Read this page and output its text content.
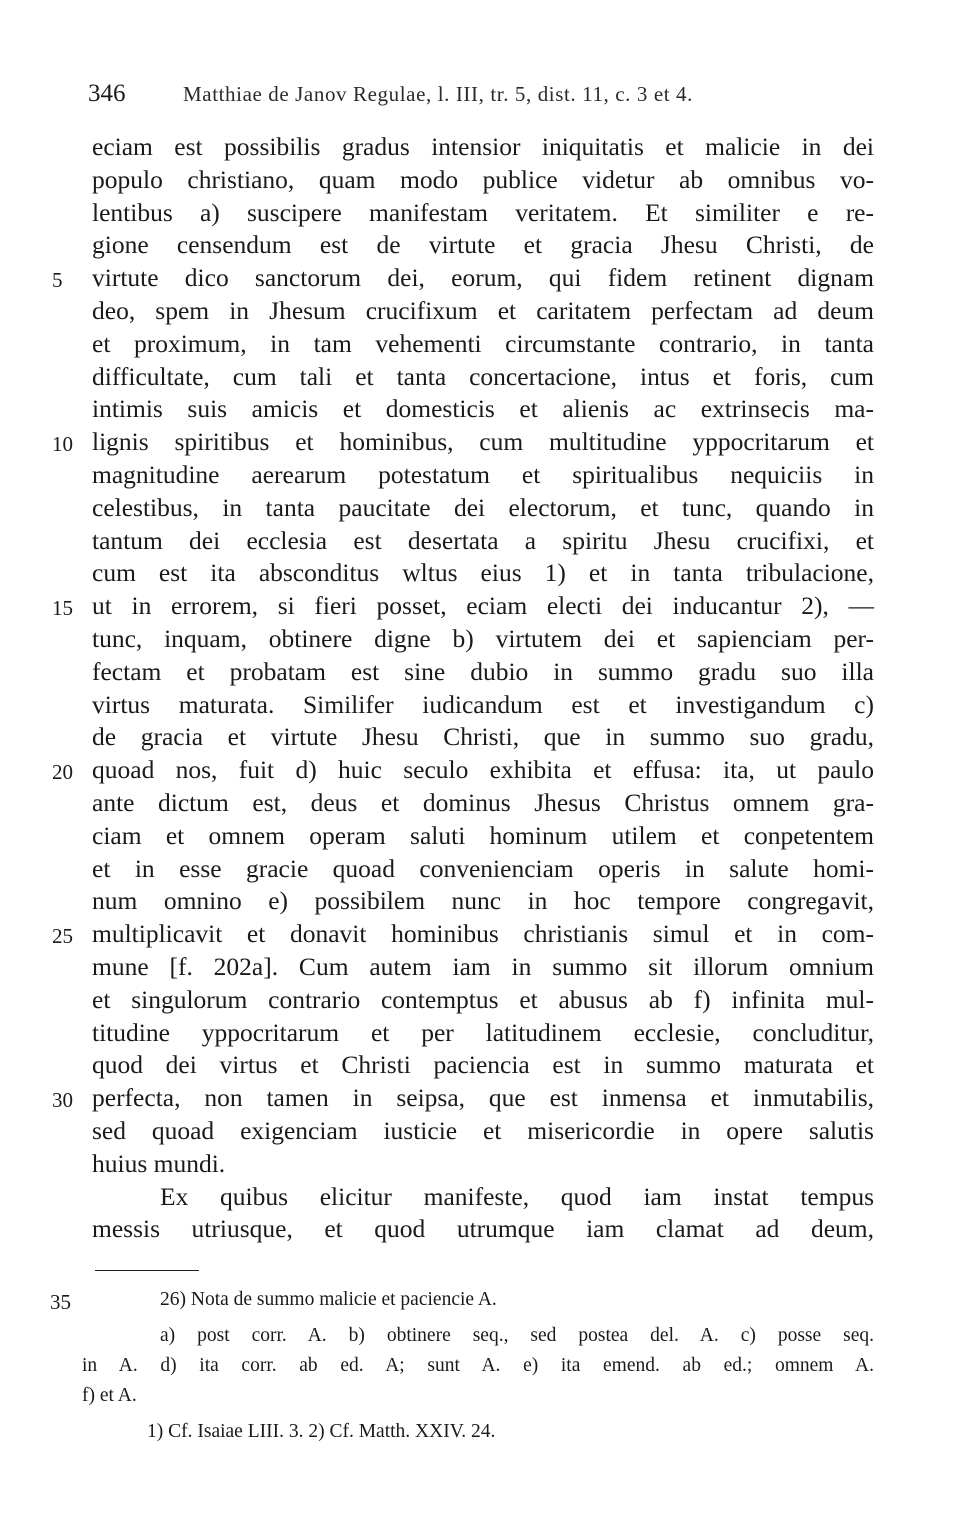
346	Matthiae de Janov Regulae, l. III, tr. 5, dist. 11, c. 3 et 4.
eciam est possibilis gradus intensior iniquitatis et malicie in dei
populo christiano, quam modo publice videtur ab omnibus vo-
lentibus a) suscipere manifestam veritatem. Et similiter e re-
gione censendum est de virtute et gracia Jhesu Christi, de
5 virtute dico sanctorum dei, eorum, qui fidem retinent dignam
deo, spem in Jhesum crucifixum et caritatem perfectam ad deum
et proximum, in tam vehementi circumstante contrario, in tanta
difficultate, cum tali et tanta concertacione, intus et foris, cum
intimis suis amicis et domesticis et alienis ac extrinsecis ma-
10 lignis spiritibus et hominibus, cum multitudine yppocritarum et
magnitudine aerearum potestatum et spiritualibus nequiciis in
celestibus, in tanta paucitate dei electorum, et tunc, quando in
tantum dei ecclesia est desertata a spiritu Jhesu crucifixi, et
cum est ita absconditus wltus eius 1) et in tanta tribulacione,
15 ut in errorem, si fieri posset, eciam electi dei inducantur 2), —
tunc, inquam, obtinere digne b) virtutem dei et sapienciam per-
fectam et probatam est sine dubio in summo gradu suo illa
virtus maturata. Similifer iudicandum est et investigandum c)
de gracia et virtute Jhesu Christi, que in summo suo gradu,
20 quoad nos, fuit d) huic seculo exhibita et effusa: ita, ut paulo
ante dictum est, deus et dominus Jhesus Christus omnem gra-
ciam et omnem operam saluti hominum utilem et conpetentem
et in esse gracie quoad convenienciam operis in salute homi-
num omnino e) possibilem nunc in hoc tempore congregavit,
25 multiplicavit et donavit hominibus christianis simul et in com-
mune [f. 202a]. Cum autem iam in summo sit illorum omnium
et singulorum contrario contemptus et abusus ab f) infinita mul-
titudine yppocritarum et per latitudinem ecclesie, concluditur,
quod dei virtus et Christi paciencia est in summo maturata et
30 perfecta, non tamen in seipsa, que est inmensa et inmutabilis,
sed quoad exigenciam iusticie et misericordie in opere salutis
huius mundi.
Ex quibus elicitur manifeste, quod iam instat tempus
messis utriusque, et quod utrumque iam clamat ad deum,
35	26) Nota de summo malicie et paciencie A.
a) post corr. A. b) obtinere seq., sed postea del. A. c) posse seq.
in A. d) ita corr. ab ed. A; sunt A. e) ita emend. ab ed.; omnem A.
f) et A.
1) Cf. Isaiae LIII. 3. 2) Cf. Matth. XXIV. 24.
